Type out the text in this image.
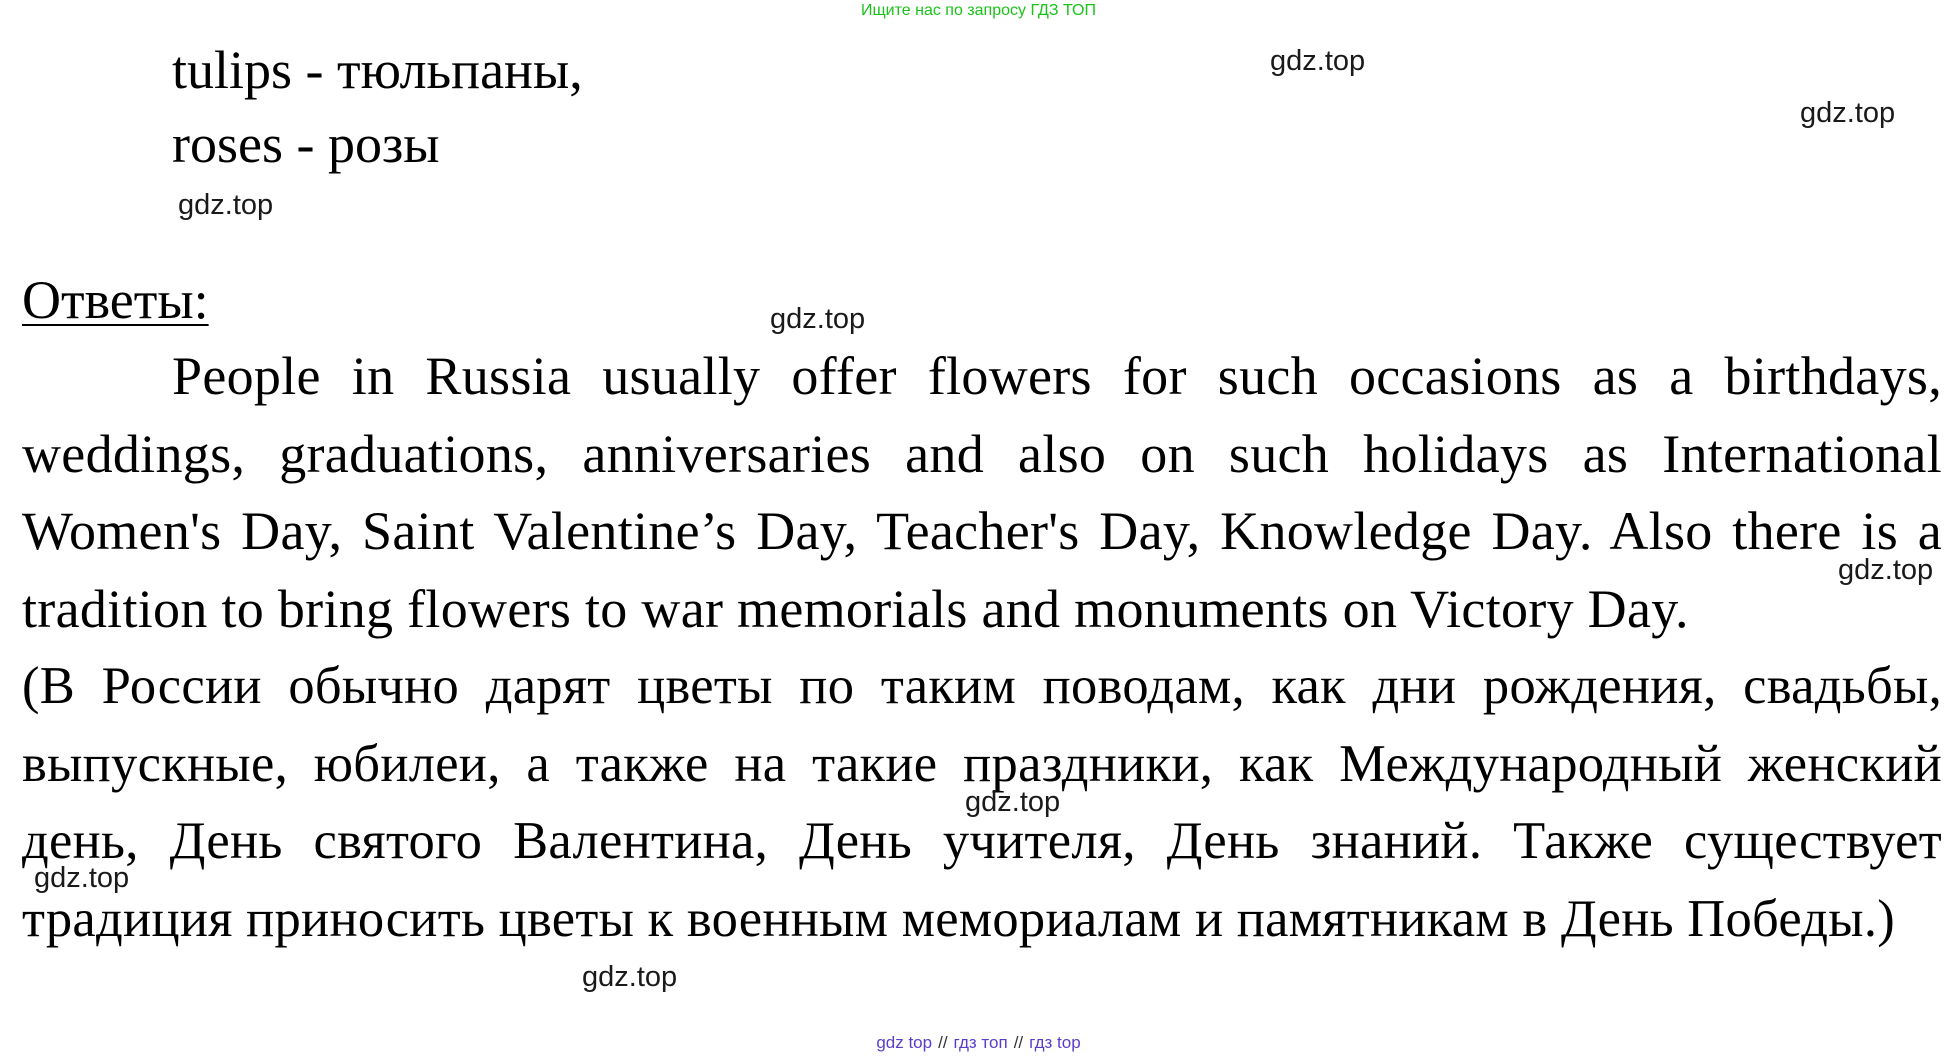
Ищите нас по запросу ГДЗ ТОП
tulips - тюльпаны,
roses - розы
Ответы:
People in Russia usually offer flowers for such occasions as a birthdays, weddings, graduations, anniversaries and also on such holidays as International Women's Day, Saint Valentine’s Day, Teacher's Day, Knowledge Day. Also there is a tradition to bring flowers to war memorials and monuments on Victory Day.
(В России обычно дарят цветы по таким поводам, как дни рождения, свадьбы, выпускные, юбилеи, а также на такие праздники, как Международный женский день, День святого Валентина, День учителя, День знаний. Также существует традиция приносить цветы к военным мемориалам и памятникам в День Победы.)
gdz.top
gdz.top
gdz.top
gdz.top
gdz.top
gdz.top
gdz.top
gdz.top
gdz top // гдз топ // гдз top
